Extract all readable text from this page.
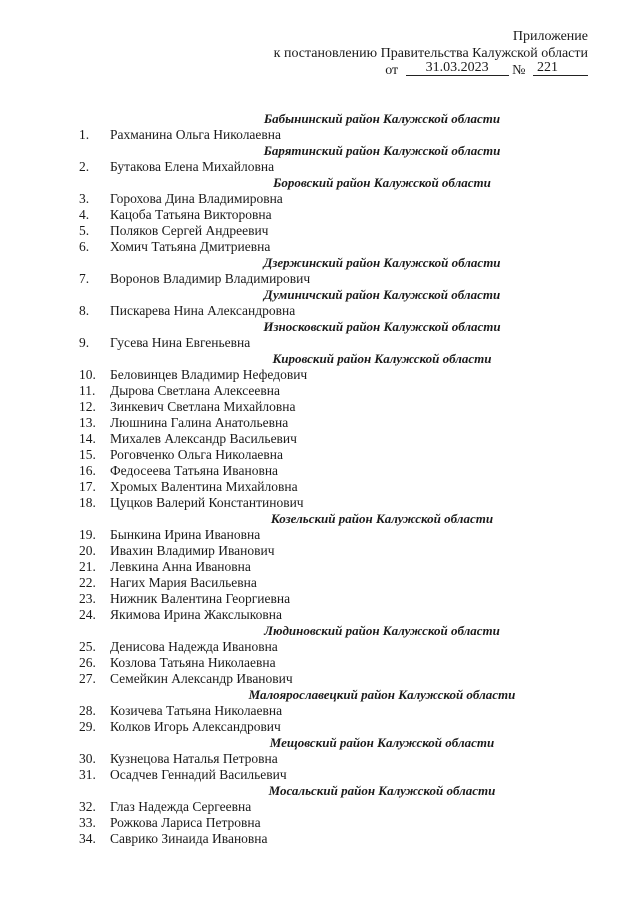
Приложение
к постановлению Правительства Калужской области
от 31.03.2023 № 221
Бабынинский район Калужской области
1. Рахманина Ольга Николаевна
Барятинский район Калужской области
2. Бутакова Елена Михайловна
Боровский район Калужской области
3. Горохова Дина Владимировна
4. Кацоба Татьяна Викторовна
5. Поляков Сергей Андреевич
6. Хомич Татьяна Дмитриевна
Дзержинский район Калужской области
7. Воронов Владимир Владимирович
Думиничский район Калужской области
8. Пискарева Нина Александровна
Износковский район Калужской области
9. Гусева Нина Евгеньевна
Кировский район Калужской области
10. Беловинцев Владимир Нефедович
11. Дырова Светлана Алексеевна
12. Зинкевич Светлана Михайловна
13. Люшнина Галина Анатольевна
14. Михалев Александр Васильевич
15. Роговченко Ольга Николаевна
16. Федосеева Татьяна Ивановна
17. Хромых Валентина Михайловна
18. Цуцков Валерий Константинович
Козельский район Калужской области
19. Бынкина Ирина Ивановна
20. Ивахин Владимир Иванович
21. Левкина Анна Ивановна
22. Нагих Мария Васильевна
23. Нижник Валентина Георгиевна
24. Якимова Ирина Жакслыковна
Людиновский район Калужской области
25. Денисова Надежда Ивановна
26. Козлова Татьяна Николаевна
27. Семейкин Александр Иванович
Малоярославецкий район Калужской области
28. Козичева Татьяна Николаевна
29. Колков Игорь Александрович
Мещовский район Калужской области
30. Кузнецова Наталья Петровна
31. Осадчев Геннадий Васильевич
Мосальский район Калужской области
32. Глаз Надежда Сергеевна
33. Рожкова Лариса Петровна
34. Саврико Зинаида Ивановна
